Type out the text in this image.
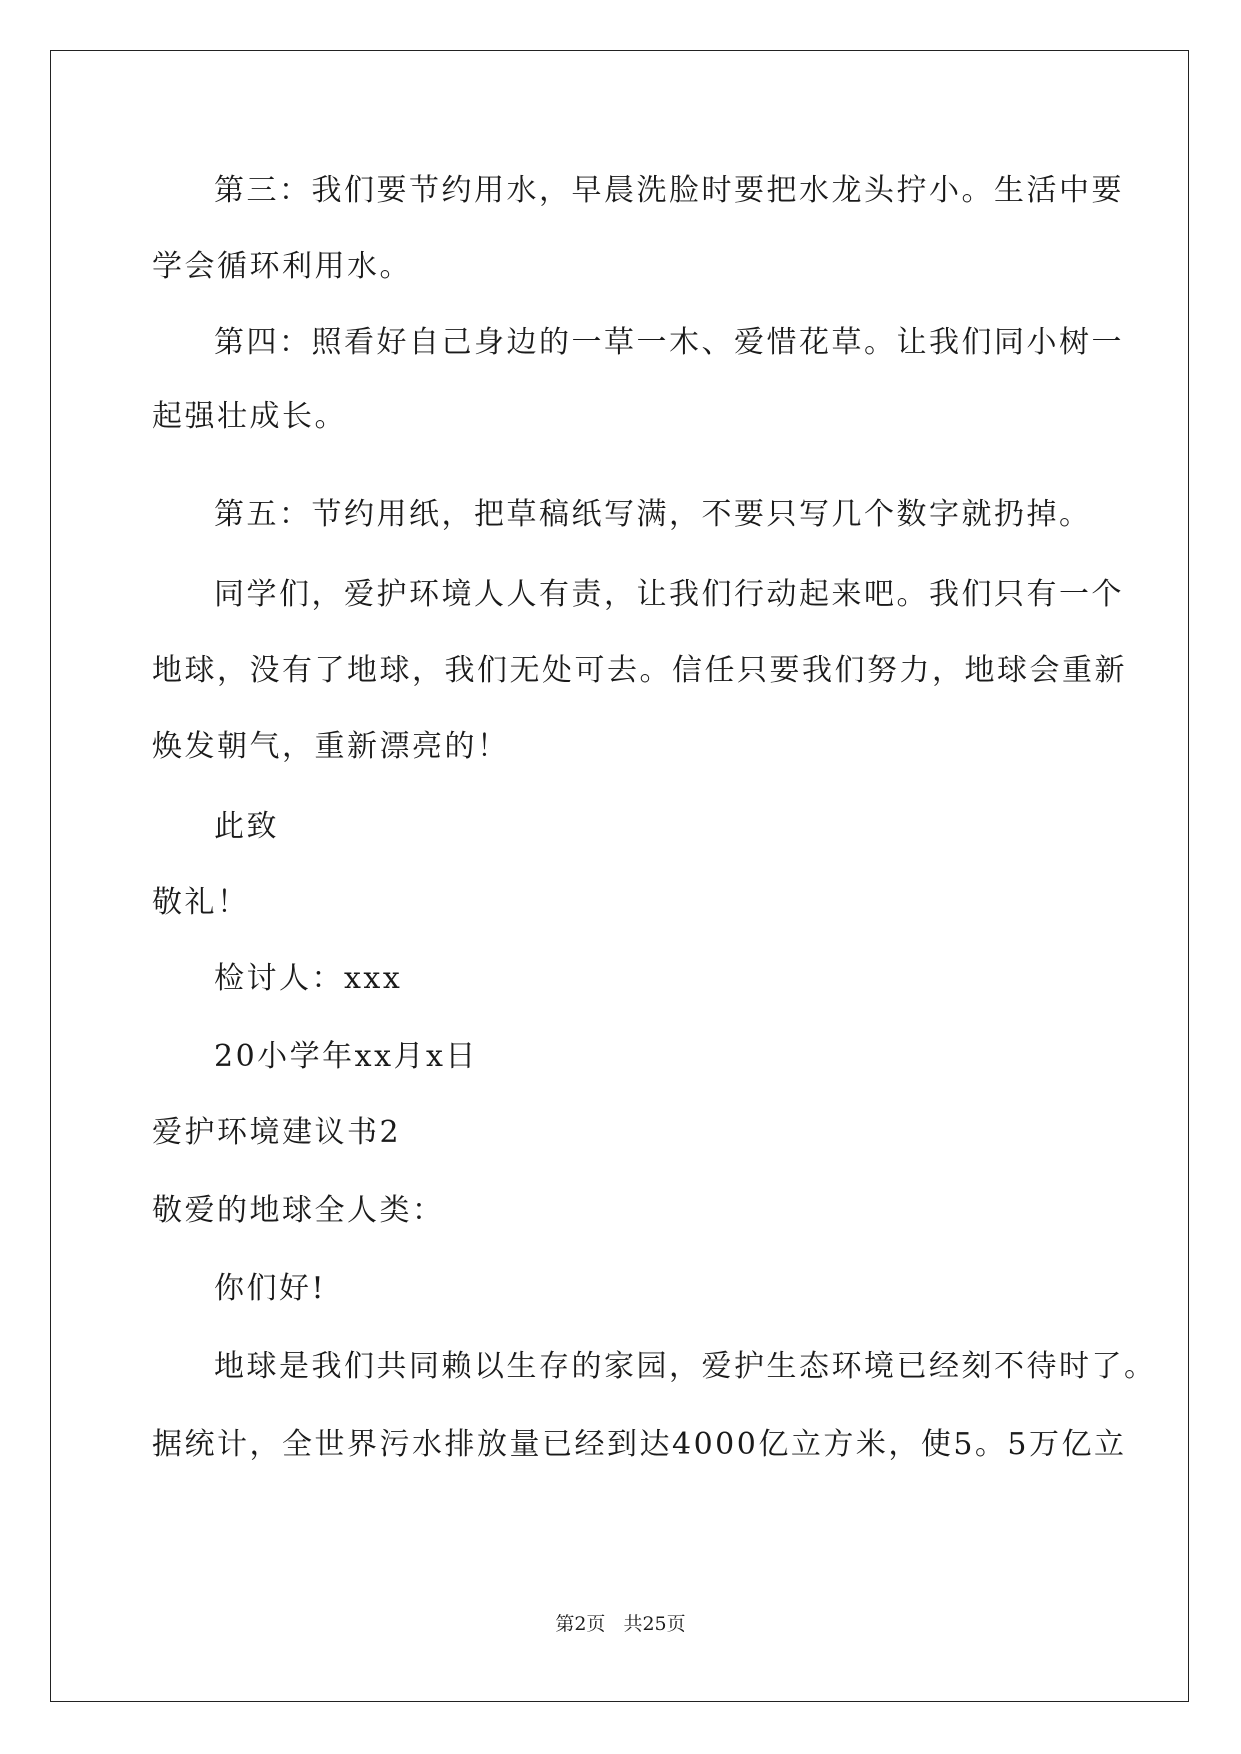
第三：我们要节约用水，早晨洗脸时要把水龙头拧小。生活中要
学会循环利用水。
第四：照看好自己身边的一草一木、爱惜花草。让我们同小树一
起强壮成长。
第五：节约用纸，把草稿纸写满，不要只写几个数字就扔掉。
同学们，爱护环境人人有责，让我们行动起来吧。我们只有一个
地球，没有了地球，我们无处可去。信任只要我们努力，地球会重新
焕发朝气，重新漂亮的！
此致
敬礼！
检讨人：xxx
20小学年xx月x日
爱护环境建议书2
敬爱的地球全人类：
你们好!
地球是我们共同赖以生存的家园，爱护生态环境已经刻不待时了。
据统计，全世界污水排放量已经到达4000亿立方米，使5。5万亿立
第2页 共25页
